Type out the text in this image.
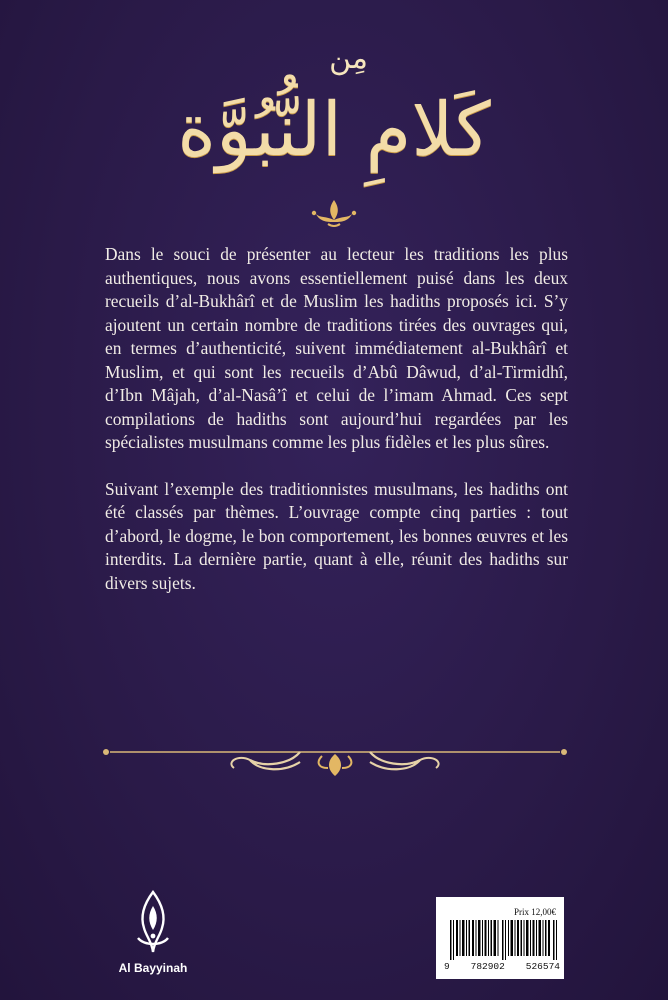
مِن
كَلامِ النُّبُوَّة

Dans le souci de présenter au lecteur les traditions les plus authentiques, nous avons essentiellement puisé dans les deux recueils d’al-Bukhârî et de Muslim les hadiths proposés ici. S’y ajoutent un certain nombre de traditions tirées des ouvrages qui, en termes d’authenticité, suivent immédiatement al-Bukhârî et Muslim, et qui sont les recueils d’Abû Dâwud, d’al-Tirmidhî, d’Ibn Mâjah, d’al-Nasâ’î et celui de l’imam Ahmad. Ces sept compilations de hadiths sont aujourd’hui regardées par les spécialistes musulmans comme les plus fidèles et les plus sûres.

Suivant l’exemple des traditionnistes musulmans, les hadiths ont été classés par thèmes. L’ouvrage compte cinq parties : tout d’abord, le dogme, le bon comportement, les bonnes œuvres et les interdits. La dernière partie, quant à elle, réunit des hadiths sur divers sujets.

Al Bayyinah
Prix 12,00€
9 782902 526574
